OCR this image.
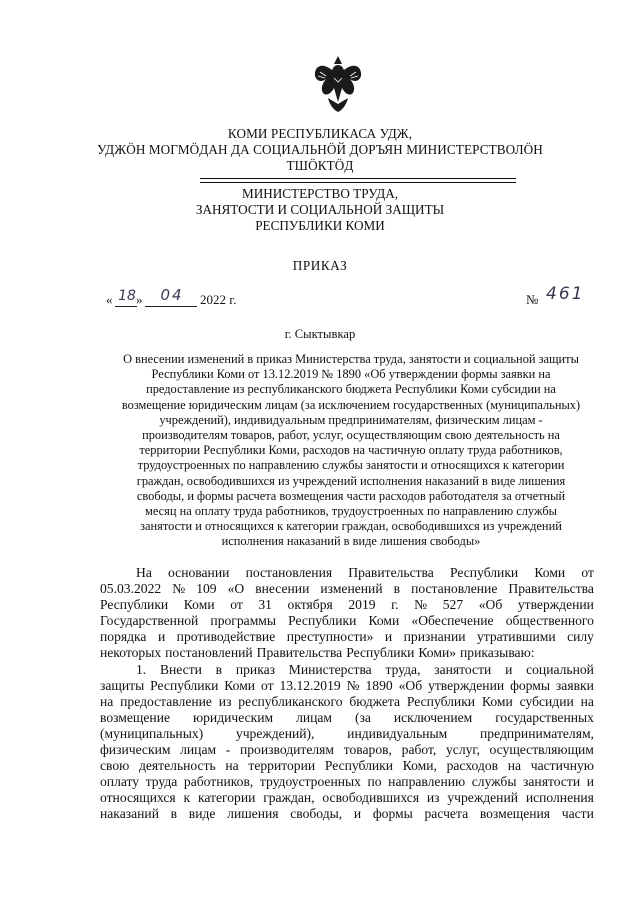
КОМИ РЕСПУБЛИКАСА УДЖ,
УДЖÖН МОГМÖДАН ДА СОЦИАЛЬНÖЙ ДОРЪЯН МИНИСТЕРСТВОЛÖН
ТШÖКТÖД
МИНИСТЕРСТВО ТРУДА,
ЗАНЯТОСТИ И СОЦИАЛЬНОЙ ЗАЩИТЫ
РЕСПУБЛИКИ КОМИ
ПРИКАЗ
« 18 »	04	2022 г.	№ 461
г. Сыктывкар
О внесении изменений в приказ Министерства труда, занятости и социальной защиты
Республики Коми от 13.12.2019 № 1890 «Об утверждении формы заявки на
предоставление из республиканского бюджета Республики Коми субсидии на
возмещение юридическим лицам (за исключением государственных (муниципальных)
учреждений), индивидуальным предпринимателям, физическим лицам -
производителям товаров, работ, услуг, осуществляющим свою деятельность на
территории Республики Коми, расходов на частичную оплату труда работников,
трудоустроенных по направлению службы занятости и относящихся к категории
граждан, освободившихся из учреждений исполнения наказаний в виде лишения
свободы, и формы расчета возмещения части расходов работодателя за отчетный
месяц на оплату труда работников, трудоустроенных по направлению службы
занятости и относящихся к категории граждан, освободившихся из учреждений
исполнения наказаний в виде лишения свободы»
На основании постановления Правительства Республики Коми от
05.03.2022 № 109 «О внесении изменений в постановление Правительства
Республики Коми от 31 октября 2019 г. № 527 «Об утверждении
Государственной программы Республики Коми «Обеспечение общественного
порядка и противодействие преступности» и признании утратившими силу
некоторых постановлений Правительства Республики Коми» приказываю:
1. Внести в приказ Министерства труда, занятости и социальной
защиты Республики Коми от 13.12.2019 № 1890 «Об утверждении формы заявки
на предоставление из республиканского бюджета Республики Коми субсидии на
возмещение юридическим лицам (за исключением государственных
(муниципальных) учреждений), индивидуальным предпринимателям,
физическим лицам - производителям товаров, работ, услуг, осуществляющим
свою деятельность на территории Республики Коми, расходов на частичную
оплату труда работников, трудоустроенных по направлению службы занятости и
относящихся к категории граждан, освободившихся из учреждений исполнения
наказаний в виде лишения свободы, и формы расчета возмещения части
